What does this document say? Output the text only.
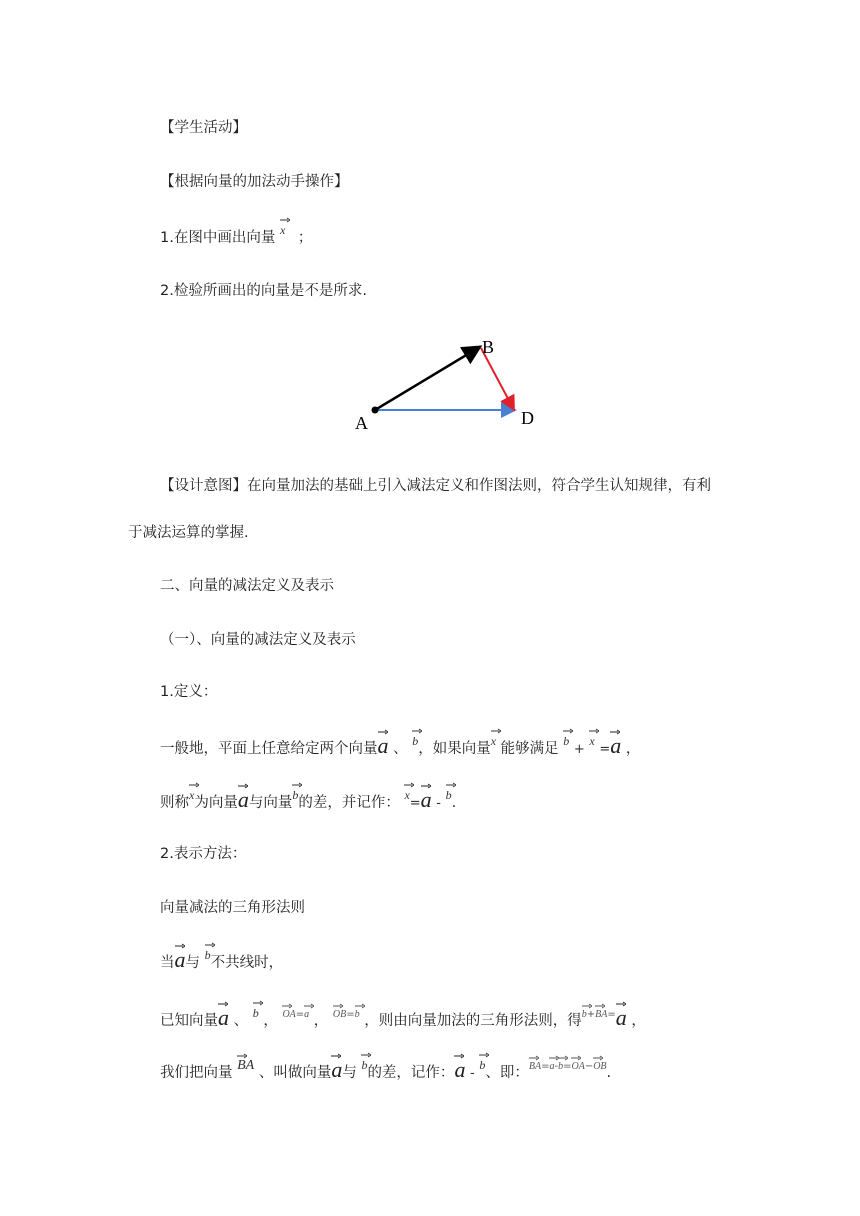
【学生活动】
【根据向量的加法动手操作】
1.在图中画出向量 x ；
2.检验所画出的向量是不是所求.
A
B
D
【设计意图】在向量加法的基础上引入减法定义和作图法则，符合学生认知规律，有利
于减法运算的掌握.
二、向量的减法定义及表示
（一）、向量的减法定义及表示
1.定义：
一般地，平面上任意给定两个向量
a 、 b，如果向量
x 能够满足 b +
x =
a ，
则称
x为向量
a与向量
b的差，并记作： x=
a -
b.
2.表示方法：
向量减法的三角形法则
当
a与 b不共线时，
已知向量
a 、 b ， OA=
a ， OB=
b ，则由向量加法的三角形法则，得
b+
BA=
a ，
我们把向量 BA 、叫做向量
a与 b的差，记作：
a -
b、即：
BA=
a-
b=
OA−
OB.
